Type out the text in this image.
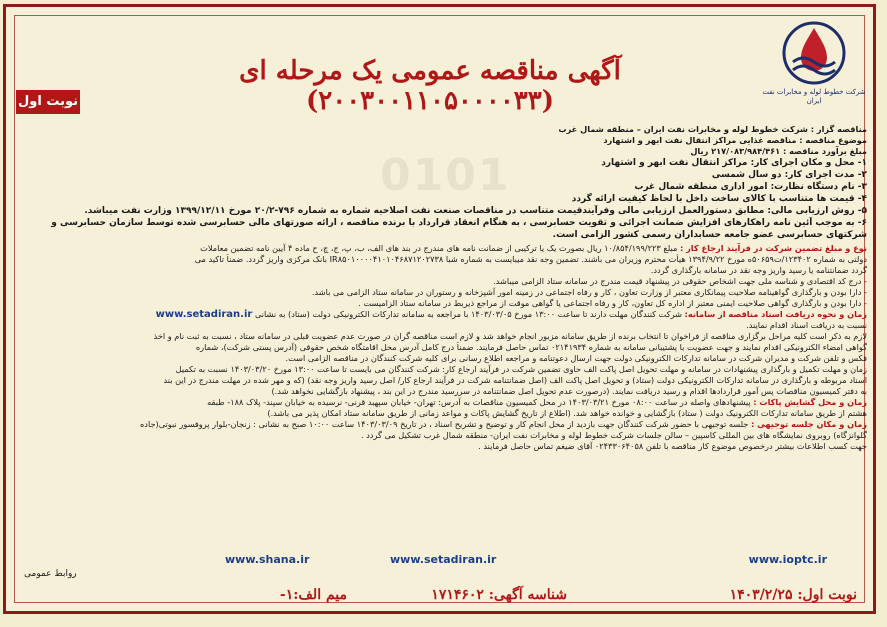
شرکت خطوط لوله و مخابرات نفت ایران
آگهی مناقصه عمومی یک مرحله ای (۲۰۰۳۰۰۱۱۰۵۰۰۰۰۳۳)
نوبت اول
0101

مناقصه گزار : شرکت خطوط لوله و مخابرات نفت ایران – منطقه شمال غرب

موضوع مناقصه : مناقصه غذایی مراکز انتقال نفت ابهر و اشتهارد

مبلغ برآورد مناقصه : ۲۱۷/۰۸۳/۹۸۴/۴۶۱ ریال

۱- محل و مکان اجرای کار: مراکز انتقال نفت ابهر و اشتهارد

۲- مدت اجرای کار: دو سال شمسی

۳- نام دستگاه نظارت: امور اداری منطقه شمال غرب

۴- قیمت ها متناسب با کالای ساخت داخل با لحاظ کیفیت ارائه گردد

۵- روش ارزیابی مالی: مطابق دستورالعمل ارزیابی مالی وفرآیندقیمت متناسب در مناقصات صنعت نفت اصلاحیه شماره به شماره ۷۹۶-۲۰/۲ مورخ ۱۳۹۹/۱۲/۱۱ وزارت نفت میباشد.

۶- به موجب آئین نامه راهکارهای افزایش ضمانت اجرائی و تقویت حسابرسی ، به هنگام انعقاد قرارداد با برنده مناقصه ، ارائه صورتهای مالی حسابرسی شده توسط سازمان حسابرسی و

شرکتهای حسابرسی عضو جامعه حسابداران رسمی کشور الزامی است.

نوع و مبلغ تضمین شرکت در فرآیند ارجاع کار : مبلغ ۱۰/۸۵۴/۱۹۹/۲۲۳ ریال بصورت یک یا ترکیبی از ضمانت نامه های مندرج در بند های الف، ب، پ، ج، چ، ح ماده ۴ آیین نامه تضمین معاملات

دولتی به شماره ۱۲۳۴۰۲/ت۵۰۶۵۹ه مورخ ۱۳۹۴/۹/۲۲ هیأت محترم وزیران می باشند. تضمین وجه نقد میبایست به شماره شبا IR۸۵۰۱۰۰۰۰۴۱۰۱۰۴۶۸۷۱۲۰۲۷۳۸ بانک مرکزی واریز گردد. ضمناً تاکید می

گردد ضمانتنامه یا رسید واریز وجه نقد در سامانه بارگذاری گردد.

- درج کد اقتصادی و شناسه ملی جهت اشخاص حقوقی در پیشنهاد قیمت مندرج در سامانه ستاد الزامی میباشد.

- دارا بودن و بارگذاری گواهینامه صلاحیت پیمانکاری معتبر از وزارت تعاون ، کار و رفاه اجتماعی در زمینه امور آشپزخانه و رستوران در سامانه ستاد الزامی می باشد.

- دارا بودن و بارگذاری گواهی صلاحیت ایمنی معتبر از اداره کل تعاون، کار و رفاه اجتماعی یا گواهی موقت از مراجع ذیربط در سامانه ستاد الزامیست .

زمان و نحوه دریافت اسناد مناقصه از سامانه: شرکت کنندگان مهلت دارند تا ساعت ۱۳:۰۰ مورخ ۱۴۰۳/۰۳/۰۵ با مراجعه به سامانه تدارکات الکترونیکی دولت (ستاد) به نشانی www.setadiran.ir

نسبت به دریافت اسناد اقدام نمایند.

لازم به ذکر است کلیه مراحل برگزاری مناقصه از فراخوان تا انتخاب برنده از طریق سامانه مزبور انجام خواهد شد و لازم است مناقصه گران در صورت عدم عضویت قبلی در سامانه ستاد ، نسبت به ثبت نام و اخذ

گواهی امضاء الکترونیکی اقدام نمایند و جهت عضویت با پشتیبانی سامانه به شماره ۰۲۱۴۱۹۳۴ تماس حاصل فرمایند. ضمناً درج کامل آدرس محل اقامتگاه شخص حقوقی (آدرس پستی شرکت)، شماره

فکس و تلفن شرکت و مدیران شرکت در سامانه تدارکات الکترونیکی دولت جهت ارسال دعوتنامه و مراجعه اطلاع رسانی برای کلیه شرکت کنندگان در مناقصه الزامی است.

زمان و مهلت تکمیل و بارگذاری پیشنهادات در سامانه و مهلت تحویل اصل پاکت الف حاوی تضمین شرکت در فرآیند ارجاع کار: شرکت کنندگان می بایست تا ساعت ۱۳:۰۰ مورخ ۱۴۰۳/۰۳/۲۰ نسبت به تکمیل

اسناد مربوطه و بارگذاری در سامانه تدارکات الکترونیکی دولت (ستاد) و تحویل اصل پاکت الف (اصل ضمانتنامه شرکت در فرآیند ارجاع کار/ اصل رسید واریز وجه نقد) (که و مهر شده در مهلت مندرج در این بند

به دفتر کمیسیون مناقصات پس آمور قراردادها اقدام و رسید دریافت نمایند. (درصورت عدم تحویل اصل ضمانتنامه در سررسید مندرج در این بند ، پیشنهاد بازگشایی نخواهد شد.)

زمان و محل گشایش پاکات : پیشنهادهای واصله در ساعت ۰۸:۰۰ مورخ ۱۴۰۳/۰۳/۲۱ در محل کمیسیون مناقصات به آدرس: تهران- خیابان سپهبد قرنی- نرسیده به خیابان سپند- پلاک ۱۸۸- طبقه

هشتم از طریق سامانه تدارکات الکترونیک دولت ( ستاد) بازگشایی و خوانده خواهد شد. (اطلاع از تاریخ گشایش پاکات و مواعد زمانی از طریق سامانه ستاد امکان پذیر می باشد.)

زمان و مکان جلسه توجیهی : جلسه توجیهی با حضور شرکت کنندگان جهت بازدید از محل انجام کار و توضیح و تشریح اسناد ، در تاریخ ۱۴۰۳/۰۳/۰۹ ساعت ۱۰:۰۰ صبح به نشانی : زنجان-بلوار پروفسور نبوتی(جاده

گلوانزگاه) روبروی نمایشگاه های بین المللی کاسپین – سالن جلسات شرکت خطوط لوله و مخابرات نفت ایران- منطقه شمال غرب تشکیل می گردد .

جهت کسب اطلاعات بیشتر درخصوص موضوع کار مناقصه با تلفن ۰۲۴۳۳۰۶۴۰۵۸ آقای ضیغم تماس حاصل فرمایند .

www.ioptc.ir
www.setadiran.ir
www.shana.ir
روابط عمومی
نوبت اول: ۱۴۰۳/۲/۲۵
شناسه آگهی: ۱۷۱۴۶۰۲
میم الف:۱-
